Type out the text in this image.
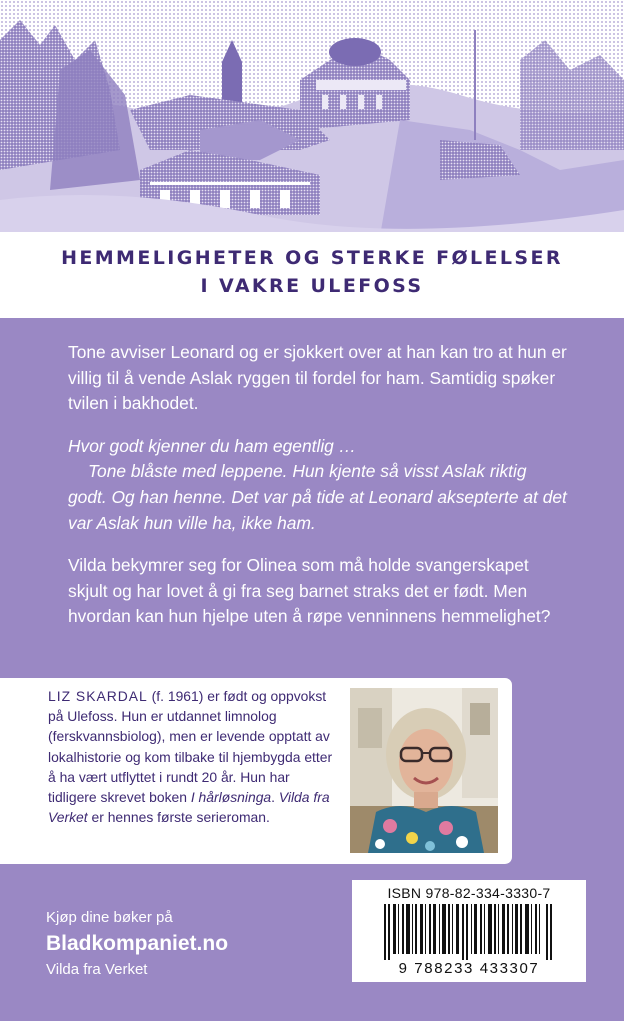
HEMMELIGHETER OG STERKE FØLELSER
I VAKRE ULEFOSS

Tone avviser Leonard og er sjokkert over at han kan tro at hun er villig til å vende Aslak ryggen til fordel for ham. Samtidig spøker tvilen i bakhodet.

Hvor godt kjenner du ham egentlig …
Tone blåste med leppene. Hun kjente så visst Aslak riktig godt. Og han henne. Det var på tide at Leonard aksepterte at det var Aslak hun ville ha, ikke ham.

Vilda bekymrer seg for Olinea som må holde svangerskapet skjult og har lovet å gi fra seg barnet straks det er født. Men hvordan kan hun hjelpe uten å røpe venninnens hemmelighet?

LIZ SKARDAL (f. 1961) er født og oppvokst på Ulefoss. Hun er utdannet limnolog (ferskvannsbiolog), men er levende opptatt av lokalhistorie og kom tilbake til hjembygda etter å ha vært utflyttet i rundt 20 år. Hun har tidligere skrevet boken I hårløsninga. Vilda fra Verket er hennes første serieroman.
Kjøp dine bøker på
Bladkompaniet.no
Vilda fra Verket
ISBN 978-82-334-3330-7
9 788233 433307
